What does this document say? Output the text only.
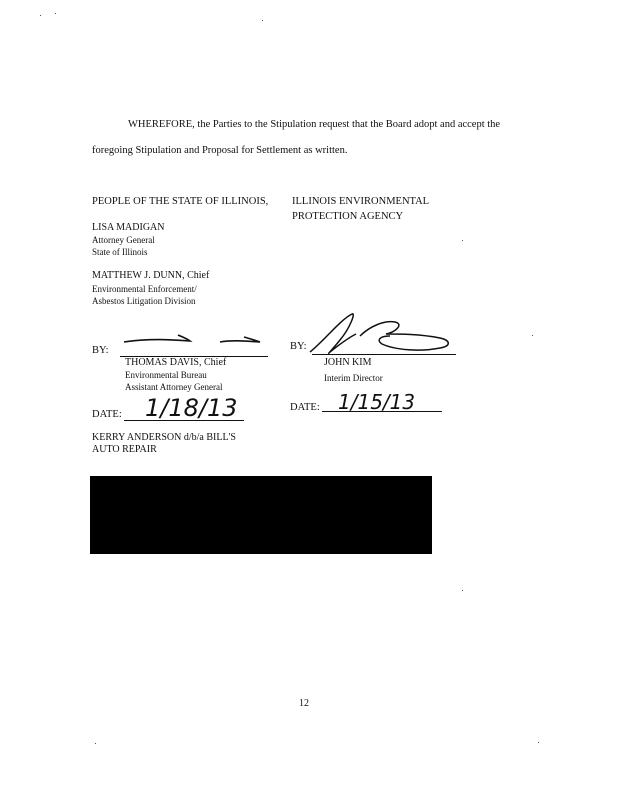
WHEREFORE, the Parties to the Stipulation request that the Board adopt and accept the
foregoing Stipulation and Proposal for Settlement as written.
PEOPLE OF THE STATE OF ILLINOIS, ILLINOIS ENVIRONMENTAL
PROTECTION AGENCY
LISA MADIGAN
Attorney General
State of Illinois
MATTHEW J. DUNN, Chief
Environmental Enforcement/
Asbestos Litigation Division
BY:
THOMAS DAVIS, Chief
Environmental Bureau
Assistant Attorney General
DATE: 1/18/13
BY:
JOHN KIM
Interim Director
DATE: 1/15/13
KERRY ANDERSON d/b/a BILL'S
AUTO REPAIR
12
